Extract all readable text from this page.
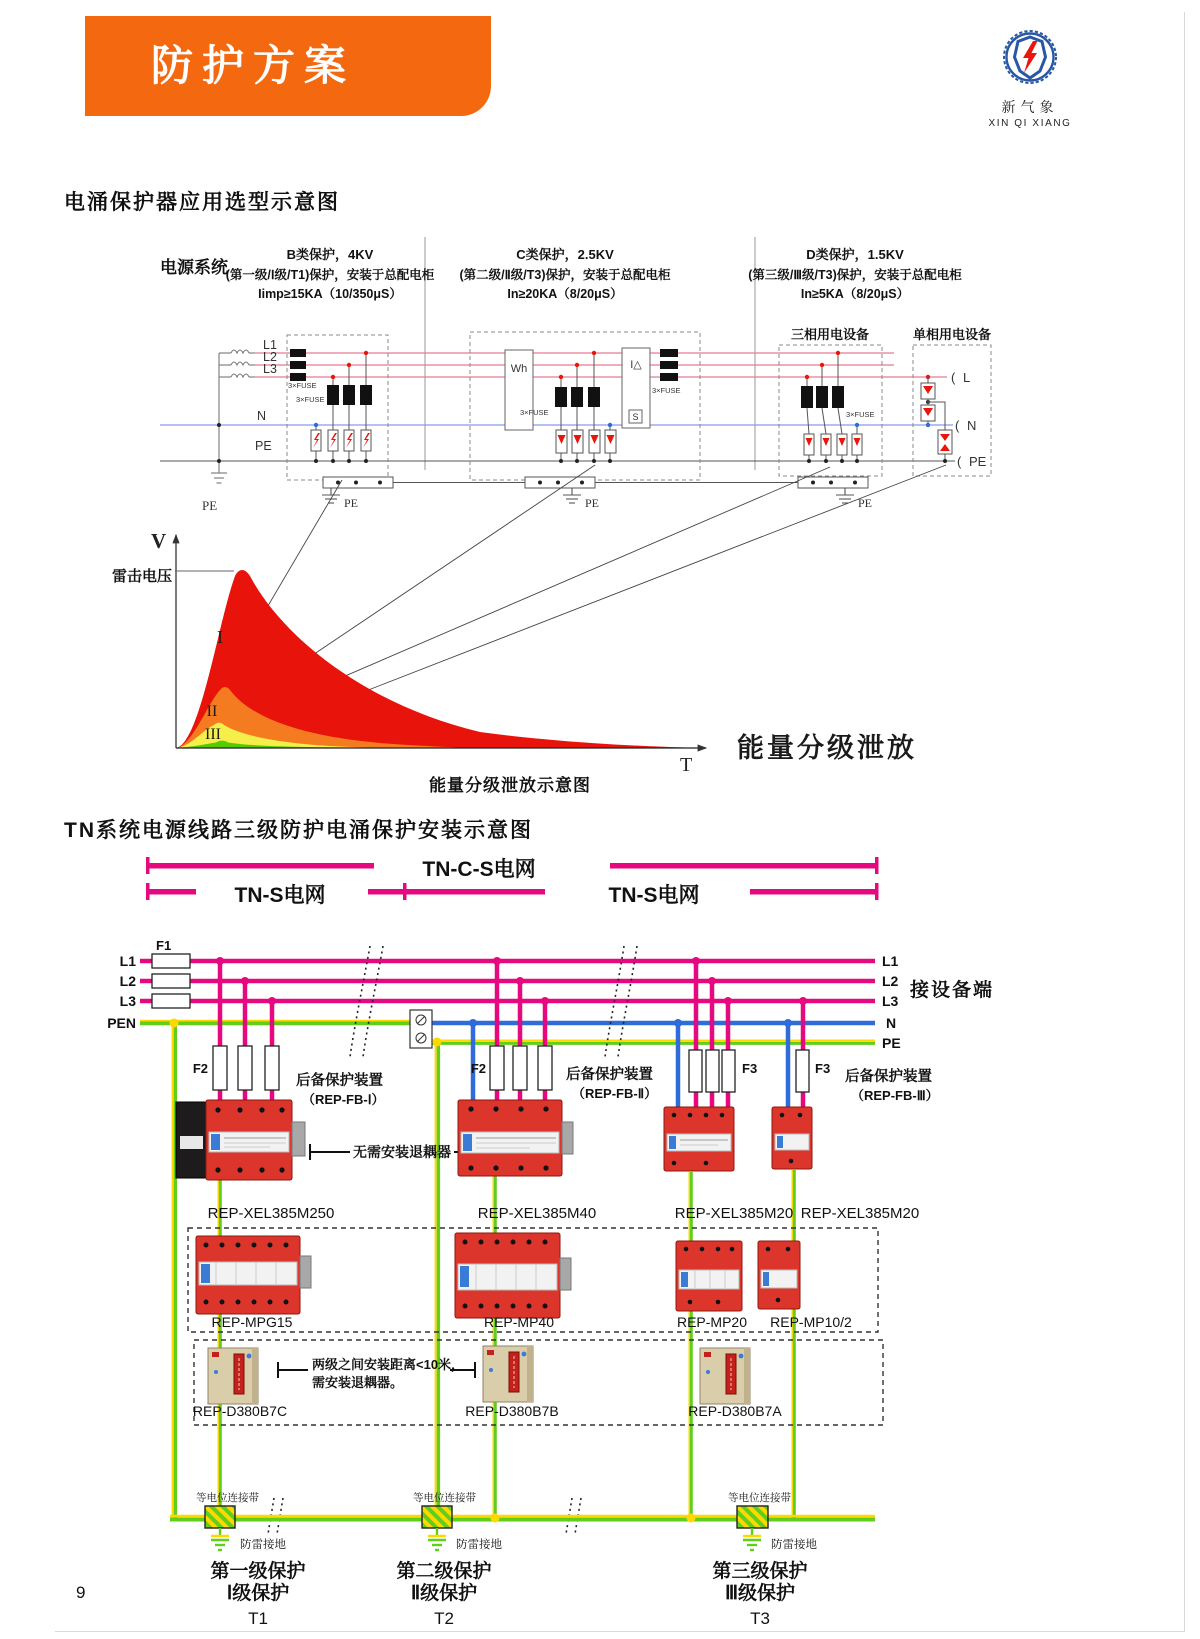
防护方案
新气象
XIN QI XIANG
电涌保护器应用选型示意图
电源系统
B类保护，4KV
(第一级/Ⅰ级/T1)保护，安装于总配电柜
Iimp≥15KA（10/350μS）
C类保护，2.5KV
(第二级/Ⅱ级/T3)保护，安装于总配电柜
In≥20KA（8/20μS）
D类保护，1.5KV
(第三级/Ⅲ级/T3)保护，安装于总配电柜
In≥5KA（8/20μS）
PE
L1
L2
L3
N
PE
3×FUSE
3×FUSE
Wh
3×FUSE
I△
S
3×FUSE
三相用电设备
3×FUSE
单相用电设备
( L
( N
( PE
PE	PE	PE
V
T
雷击电压
I
II
III	能量分级泄放
能量分级泄放示意图
TN系统电源线路三级防护电涌保护安装示意图
TN-C-S电网
TN-S电网	TN-S电网
L1
L2
L3
PEN
L1
L2
L3
N
PE
接设备端
F1
F2
后备保护装置
（REP-FB-Ⅰ）
F2	后备保护装置
（REP-FB-Ⅱ）
F3	F3
后备保护装置
（REP-FB-Ⅲ）
REP-XEL385M250
无需安装退耦器
REP-XEL385M40	REP-XEL385M20 REP-XEL385M20
REP-MPG15	REP-MP40	REP-MP20 REP-MP10/2
REP-D380B7C
两级之间安装距离<10米，
需安装退耦器。
REP-D380B7B	REP-D380B7A
等电位连接带	等电位连接带	等电位连接带
防雷接地	防雷接地	防雷接地
第一级保护
Ⅰ级保护
T1
第二级保护
Ⅱ级保护
T2
第三级保护
Ⅲ级保护
T3
9
